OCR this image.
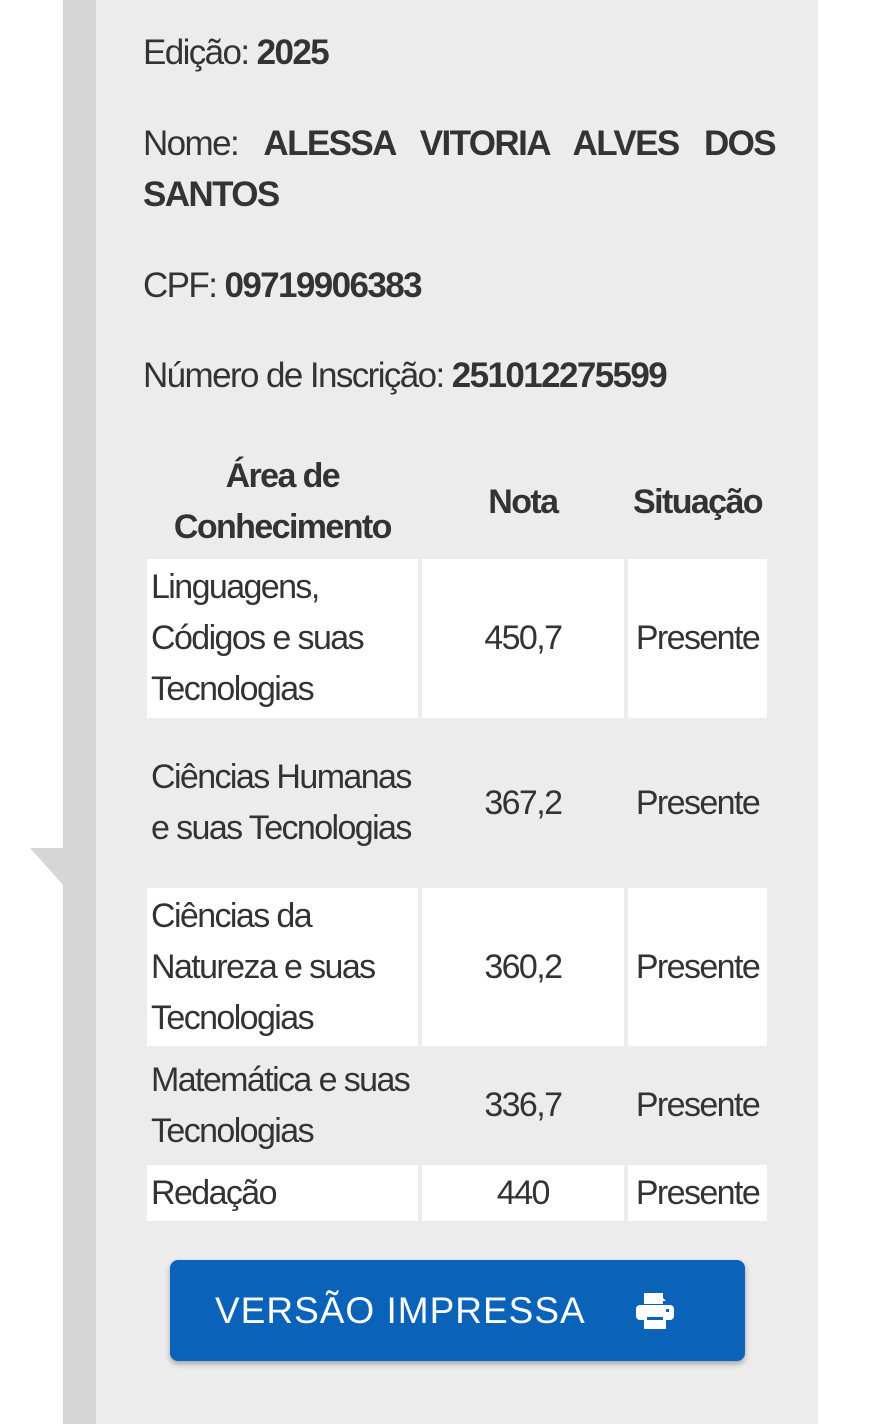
Edição: 2025
Nome: ALESSA VITORIA ALVES DOS SANTOS
CPF: 09719906383
Número de Inscrição: 251012275599
Área de Conhecimento	Nota	Situação
Linguagens, Códigos e suas Tecnologias	450,7	Presente
Ciências Humanas e suas Tecnologias	367,2	Presente
Ciências da Natureza e suas Tecnologias	360,2	Presente
Matemática e suas Tecnologias	336,7	Presente
Redação	440	Presente
VERSÃO IMPRESSA
